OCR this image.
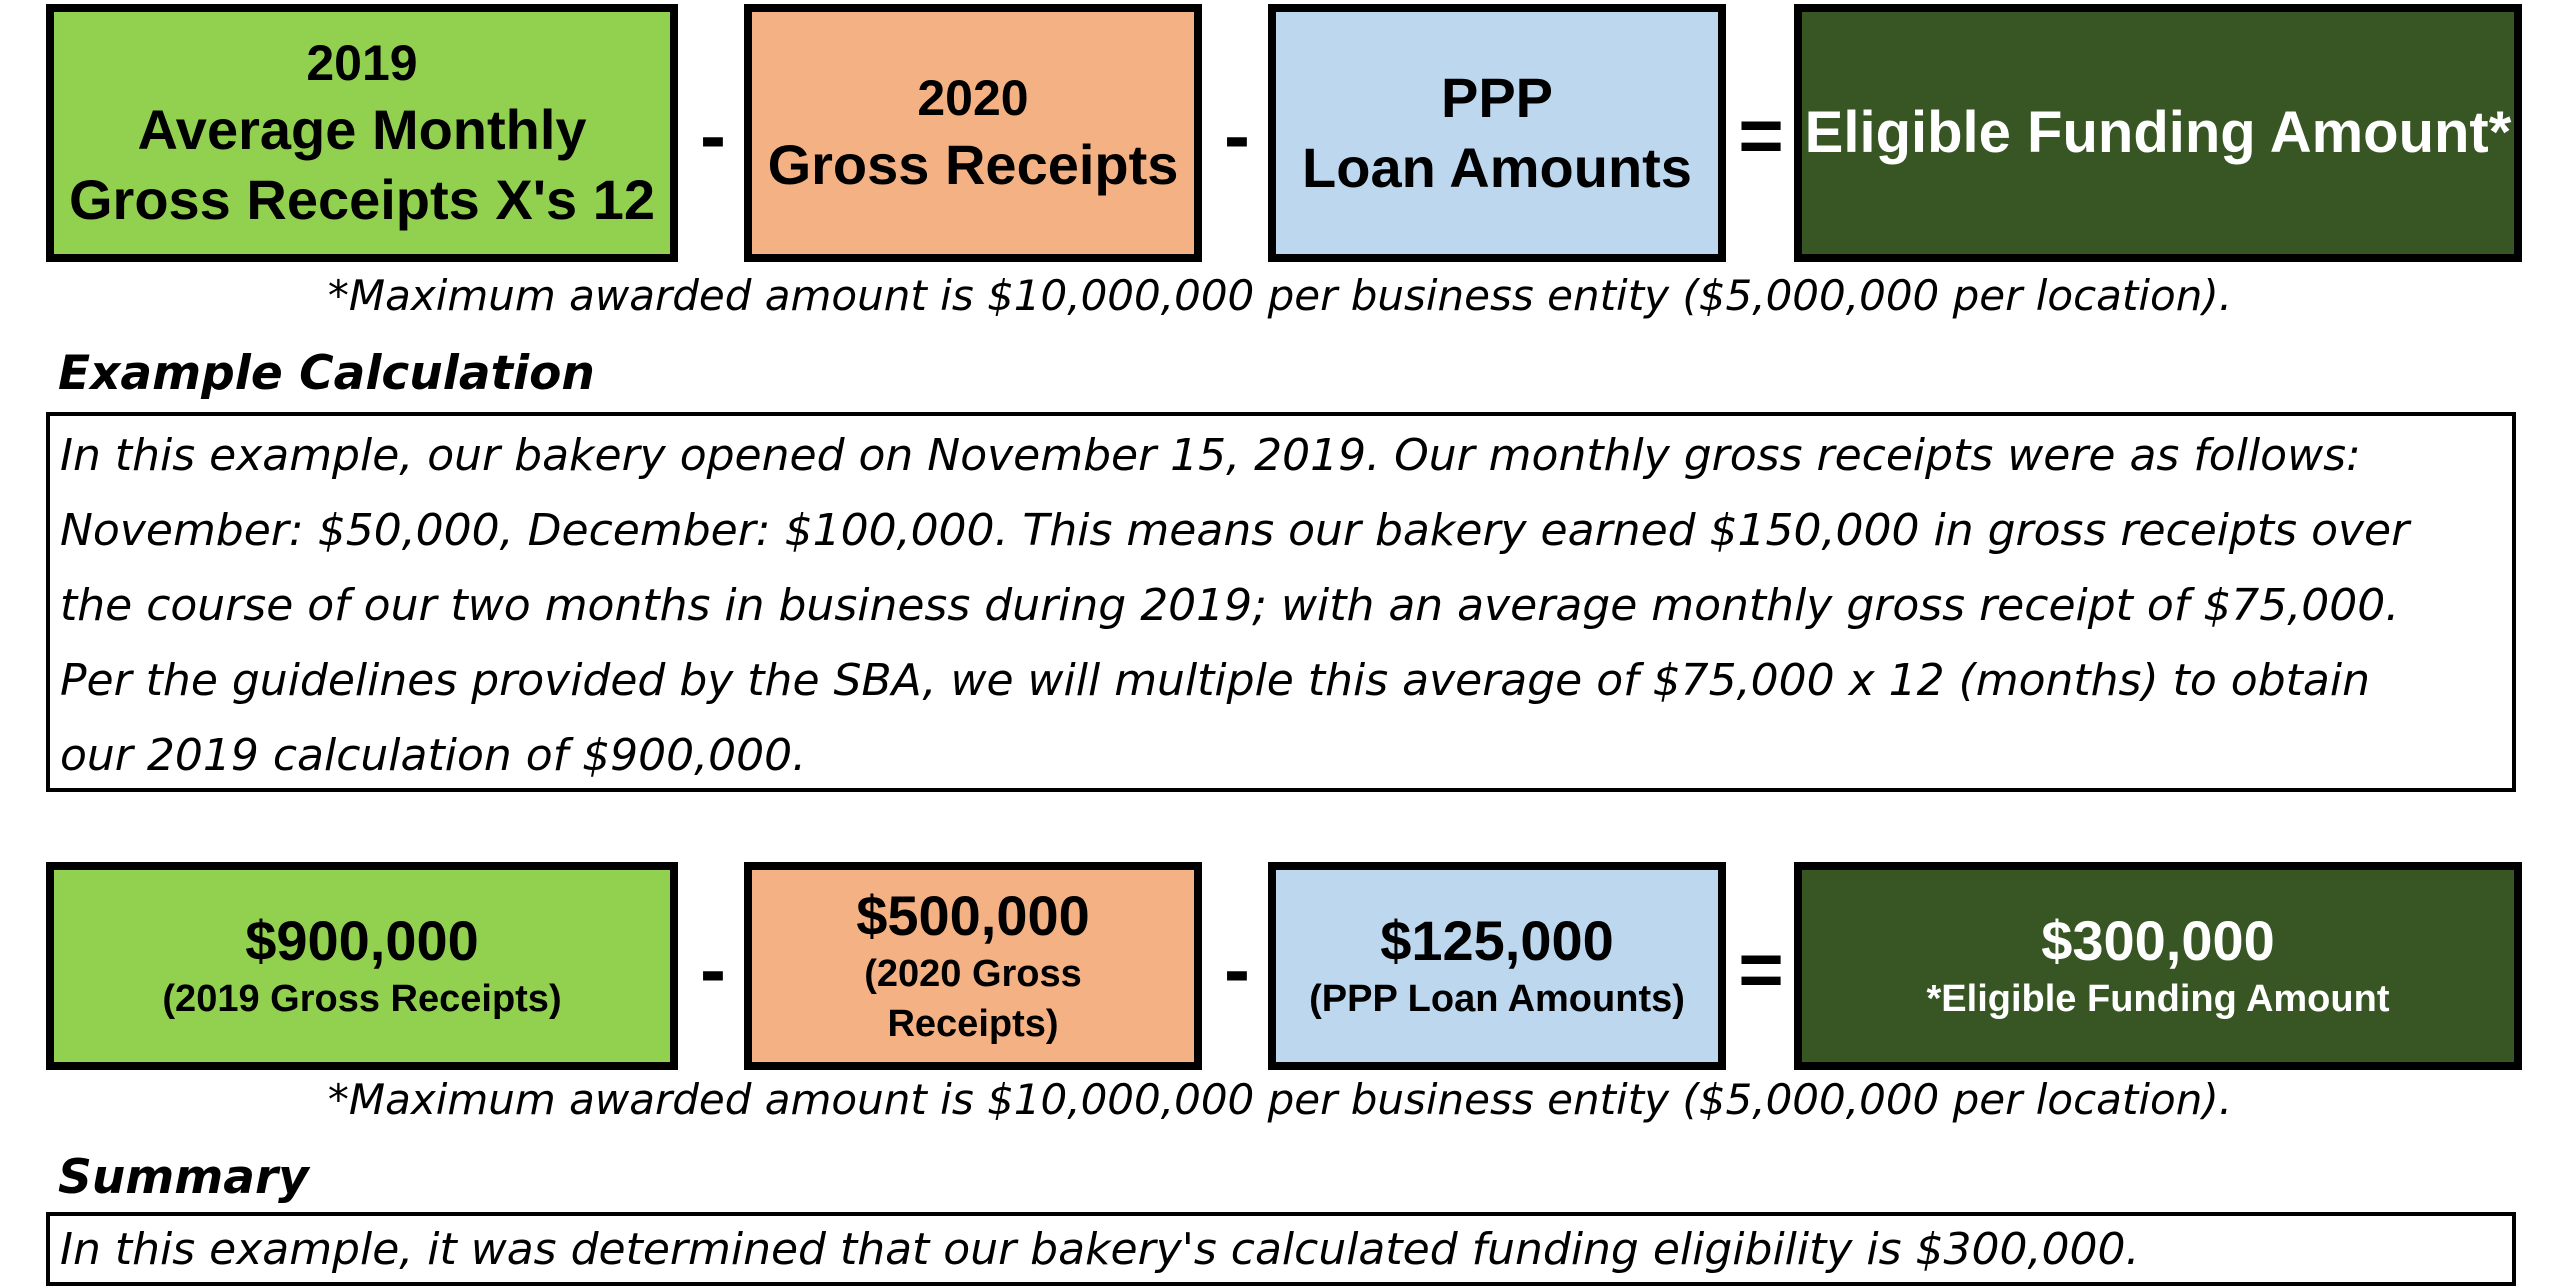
2019
Average Monthly
Gross Receipts X's 12
-	2020
Gross Receipts -	PPP
Loan Amounts = Eligible Funding Amount*
*Maximum awarded amount is $10,000,000 per business entity ($5,000,000 per location).
Example Calculation
In this example, our bakery opened on November 15, 2019. Our monthly gross receipts were as follows:
November: $50,000, December: $100,000. This means our bakery earned $150,000 in gross receipts over
the course of our two months in business during 2019; with an average monthly gross receipt of $75,000.
Per the guidelines provided by the SBA, we will multiple this average of $75,000 x 12 (months) to obtain
our 2019 calculation of $900,000.
$900,000
(2019 Gross Receipts) -
$500,000
(2020 Gross
Receipts)
- $125,000
(PPP Loan Amounts) =	$300,000
*Eligible Funding Amount
*Maximum awarded amount is $10,000,000 per business entity ($5,000,000 per location).
Summary
In this example, it was determined that our bakery's calculated funding eligibility is $300,000.
